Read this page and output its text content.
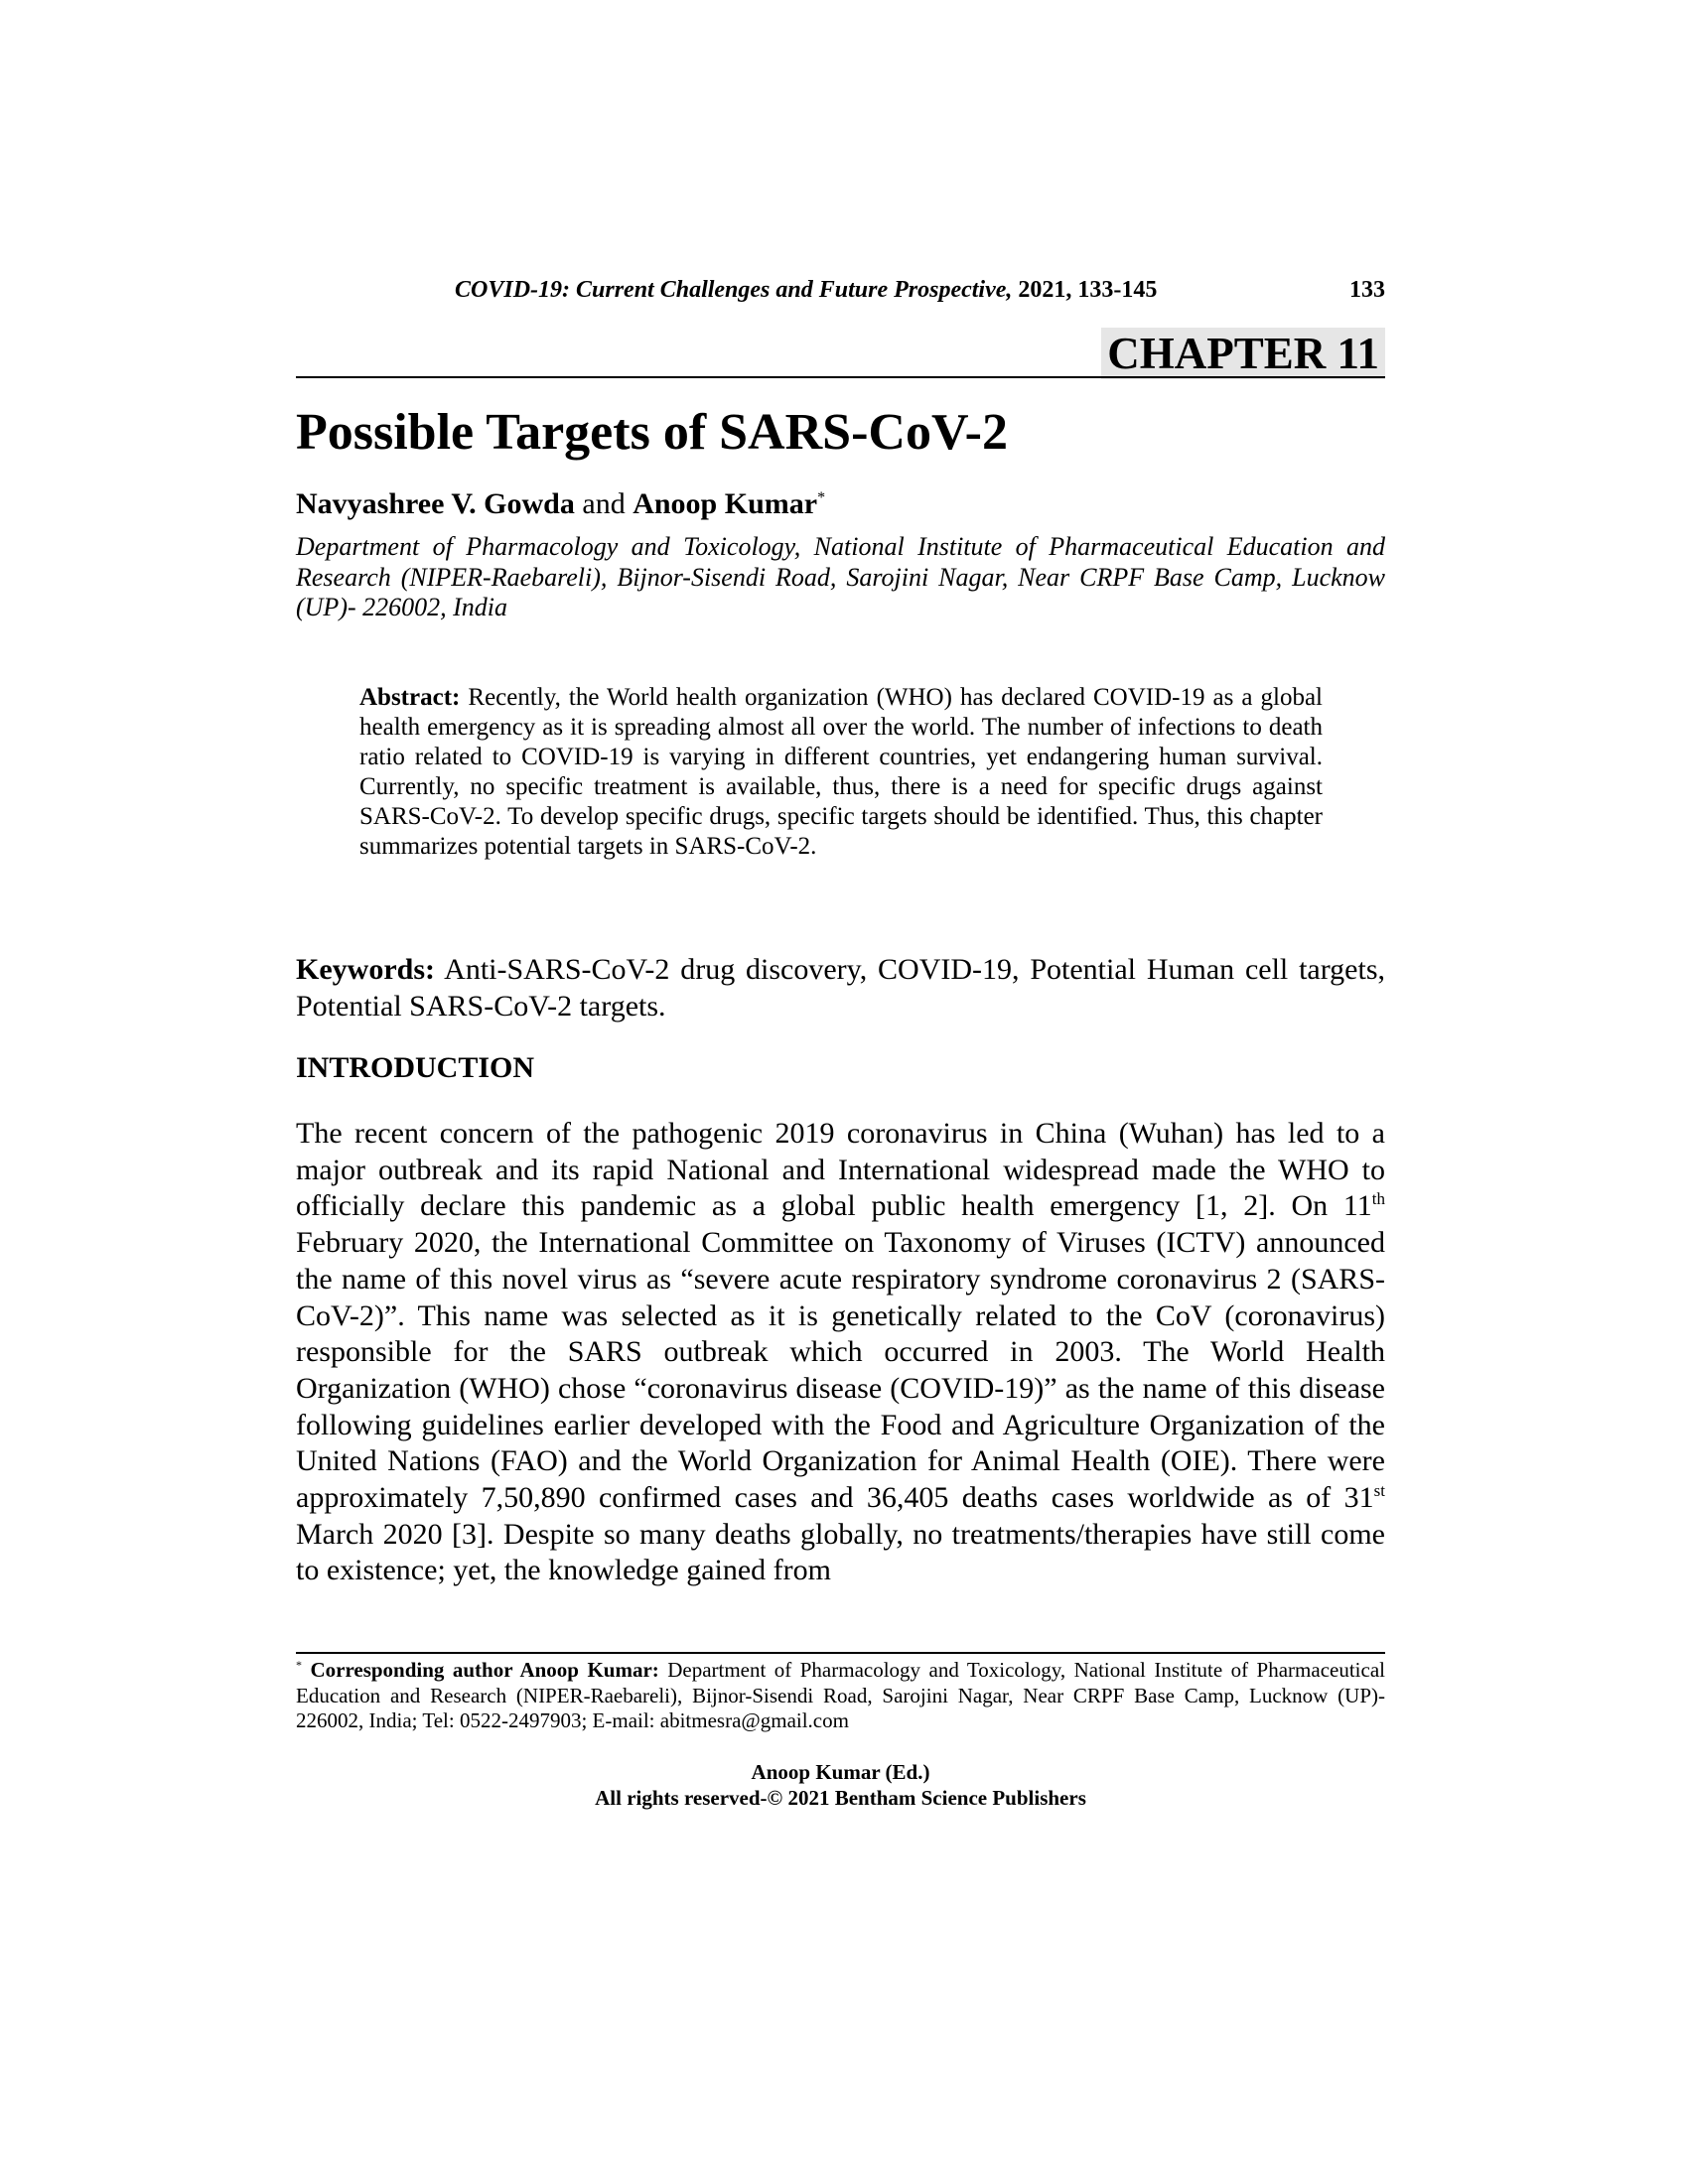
COVID-19: Current Challenges and Future Prospective, 2021, 133-145	133
CHAPTER 11
Possible Targets of SARS-CoV-2
Navyashree V. Gowda and Anoop Kumar*
Department of Pharmacology and Toxicology, National Institute of Pharmaceutical Education and Research (NIPER-Raebareli), Bijnor-Sisendi Road, Sarojini Nagar, Near CRPF Base Camp, Lucknow (UP)- 226002, India
Abstract: Recently, the World health organization (WHO) has declared COVID-19 as a global health emergency as it is spreading almost all over the world. The number of infections to death ratio related to COVID-19 is varying in different countries, yet endangering human survival. Currently, no specific treatment is available, thus, there is a need for specific drugs against SARS-CoV-2. To develop specific drugs, specific targets should be identified. Thus, this chapter summarizes potential targets in SARS-CoV-2.
Keywords: Anti-SARS-CoV-2 drug discovery, COVID-19, Potential Human cell targets, Potential SARS-CoV-2 targets.
INTRODUCTION
The recent concern of the pathogenic 2019 coronavirus in China (Wuhan) has led to a major outbreak and its rapid National and International widespread made the WHO to officially declare this pandemic as a global public health emergency [1, 2]. On 11th February 2020, the International Committee on Taxonomy of Viruses (ICTV) announced the name of this novel virus as “severe acute respiratory syndrome coronavirus 2 (SARS-CoV-2)”. This name was selected as it is genetically related to the CoV (coronavirus) responsible for the SARS outbreak which occurred in 2003. The World Health Organization (WHO) chose “coronavirus disease (COVID-19)” as the name of this disease following guidelines earlier developed with the Food and Agriculture Organization of the United Nations (FAO) and the World Organization for Animal Health (OIE). There were approximately 7,50,890 confirmed cases and 36,405 deaths cases worldwide as of 31st March 2020 [3]. Despite so many deaths globally, no treatments/therapies have still come to existence; yet, the knowledge gained from
* Corresponding author Anoop Kumar: Department of Pharmacology and Toxicology, National Institute of Pharmaceutical Education and Research (NIPER-Raebareli), Bijnor-Sisendi Road, Sarojini Nagar, Near CRPF Base Camp, Lucknow (UP)- 226002, India; Tel: 0522-2497903; E-mail: abitmesra@gmail.com
Anoop Kumar (Ed.)
All rights reserved-© 2021 Bentham Science Publishers
